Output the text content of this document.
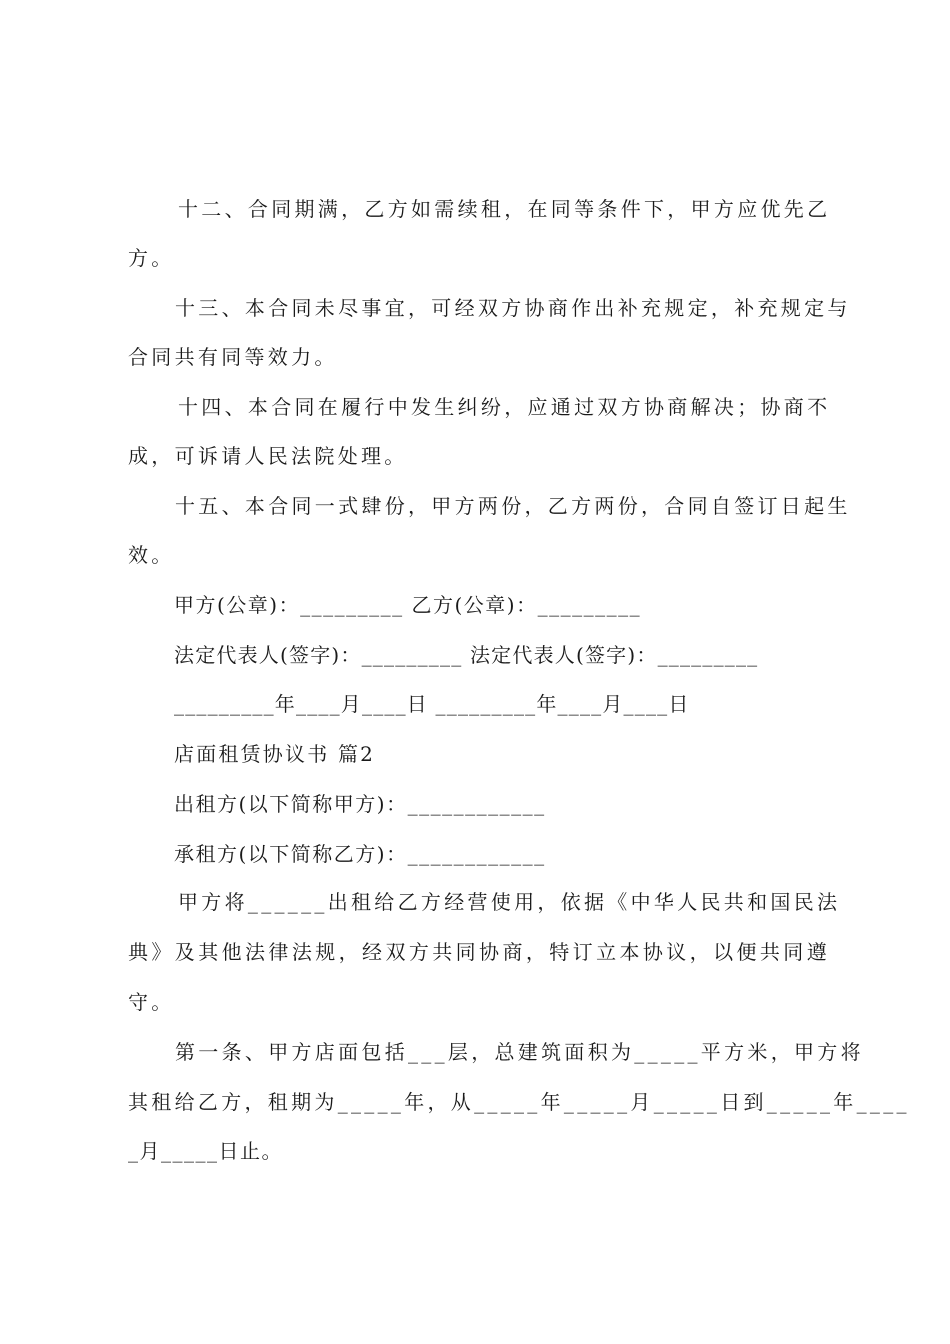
十二、合同期满，乙方如需续租，在同等条件下，甲方应优先乙
方。
十三、本合同未尽事宜，可经双方协商作出补充规定，补充规定与
合同共有同等效力。
十四、本合同在履行中发生纠纷，应通过双方协商解决；协商不
成，可诉请人民法院处理。
十五、本合同一式肆份，甲方两份，乙方两份，合同自签订日起生
效。
甲方(公章)：_________ 乙方(公章)：_________
法定代表人(签字)：_________ 法定代表人(签字)：_________
_________年____月____日 _________年____月____日
店面租赁协议书 篇2
出租方(以下简称甲方)：____________
承租方(以下简称乙方)：____________
甲方将______出租给乙方经营使用，依据《中华人民共和国民法
典》及其他法律法规，经双方共同协商，特订立本协议，以便共同遵
守。
第一条、甲方店面包括___层，总建筑面积为_____平方米，甲方将
其租给乙方，租期为_____年，从_____年_____月_____日到_____年____
_月_____日止。
